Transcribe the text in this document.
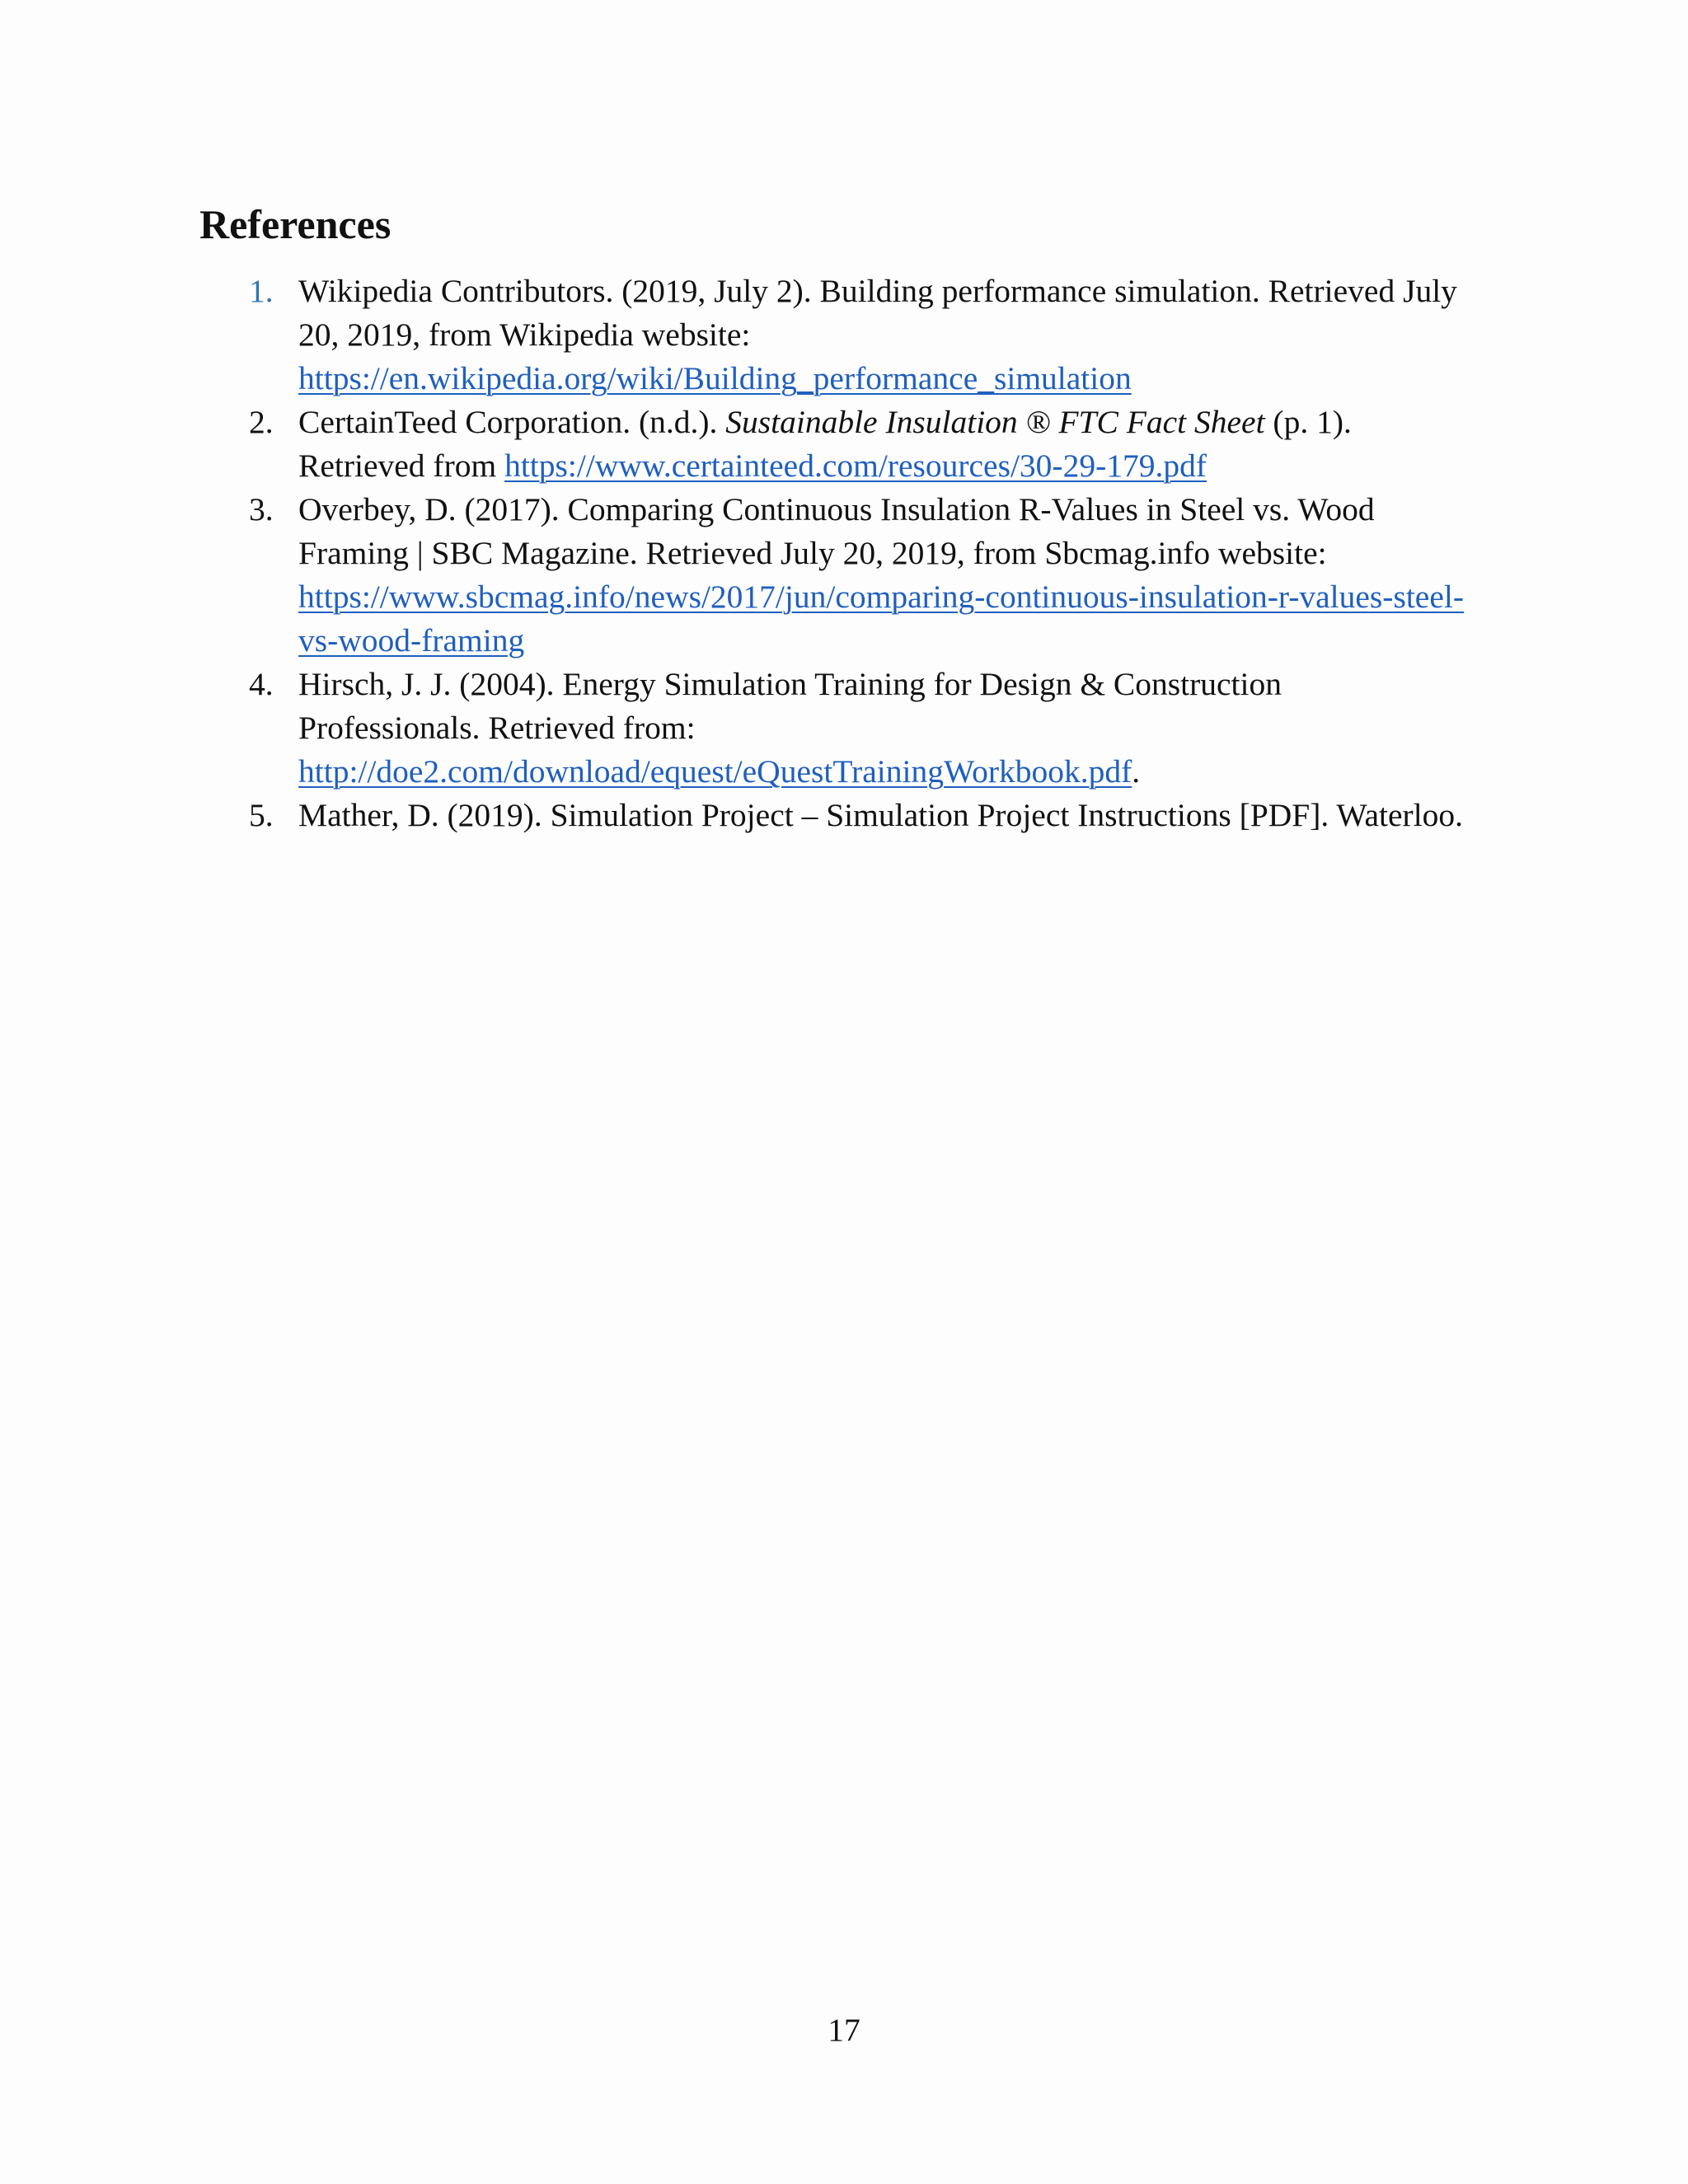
References
1. Wikipedia Contributors. (2019, July 2). Building performance simulation. Retrieved July
20, 2019, from Wikipedia website:
https://en.wikipedia.org/wiki/Building_performance_simulation
2. CertainTeed Corporation. (n.d.). Sustainable Insulation ® FTC Fact Sheet (p. 1).
Retrieved from https://www.certainteed.com/resources/30-29-179.pdf
3. Overbey, D. (2017). Comparing Continuous Insulation R-Values in Steel vs. Wood
Framing | SBC Magazine. Retrieved July 20, 2019, from Sbcmag.info website:
https://www.sbcmag.info/news/2017/jun/comparing-continuous-insulation-r-values-steel-
vs-wood-framing
4. Hirsch, J. J. (2004). Energy Simulation Training for Design & Construction
Professionals. Retrieved from:
http://doe2.com/download/equest/eQuestTrainingWorkbook.pdf.
5. Mather, D. (2019). Simulation Project – Simulation Project Instructions [PDF]. Waterloo.
17
